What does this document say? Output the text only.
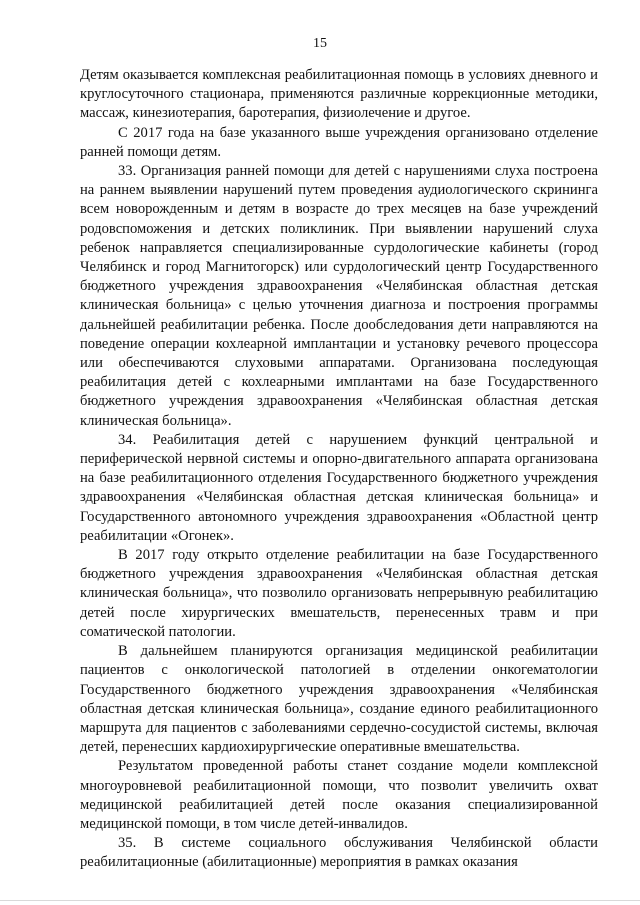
15

Детям оказывается комплексная реабилитационная помощь в условиях дневного и круглосуточного стационара, применяются различные коррекционные методики, массаж, кинезиотерапия, баротерапия, физиолечение и другое.

С 2017 года на базе указанного выше учреждения организовано отделение ранней помощи детям.

33. Организация ранней помощи для детей с нарушениями слуха построена на раннем выявлении нарушений путем проведения аудиологического скрининга всем новорожденным и детям в возрасте до трех месяцев на базе учреждений родовспоможения и детских поликлиник. При выявлении нарушений слуха ребенок направляется специализированные сурдологические кабинеты (город Челябинск и город Магнитогорск) или сурдологический центр Государственного бюджетного учреждения здравоохранения «Челябинская областная детская клиническая больница» с целью уточнения диагноза и построения программы дальнейшей реабилитации ребенка. После дообследования дети направляются на поведение операции кохлеарной имплантации и установку речевого процессора или обеспечиваются слуховыми аппаратами. Организована последующая реабилитация детей с кохлеарными имплантами на базе Государственного бюджетного учреждения здравоохранения «Челябинская областная детская клиническая больница».

34. Реабилитация детей с нарушением функций центральной и периферической нервной системы и опорно-двигательного аппарата организована на базе реабилитационного отделения Государственного бюджетного учреждения здравоохранения «Челябинская областная детская клиническая больница» и Государственного автономного учреждения здравоохранения «Областной центр реабилитации «Огонек».

В 2017 году открыто отделение реабилитации на базе Государственного бюджетного учреждения здравоохранения «Челябинская областная детская клиническая больница», что позволило организовать непрерывную реабилитацию детей после хирургических вмешательств, перенесенных травм и при соматической патологии.

В дальнейшем планируются организация медицинской реабилитации пациентов с онкологической патологией в отделении онкогематологии Государственного бюджетного учреждения здравоохранения «Челябинская областная детская клиническая больница», создание единого реабилитационного маршрута для пациентов с заболеваниями сердечно-сосудистой системы, включая детей, перенесших кардиохирургические оперативные вмешательства.

Результатом проведенной работы станет создание модели комплексной многоуровневой реабилитационной помощи, что позволит увеличить охват медицинской реабилитацией детей после оказания специализированной медицинской помощи, в том числе детей-инвалидов.

35. В системе социального обслуживания Челябинской области реабилитационные (абилитационные) мероприятия в рамках оказания
